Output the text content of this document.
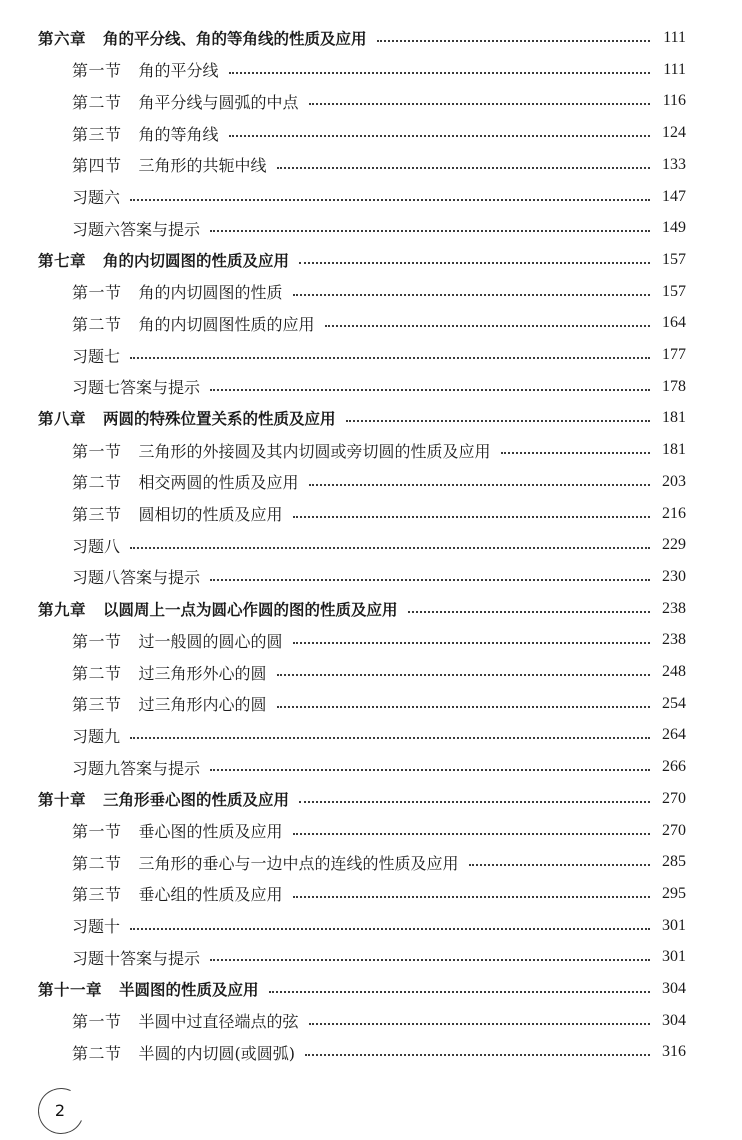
第六章 角的平分线、角的等角线的性质及应用	111
第一节 角的平分线	111
第二节 角平分线与圆弧的中点	116
第三节 角的等角线	124
第四节 三角形的共轭中线	133
习题六	147
习题六答案与提示	149
第七章 角的内切圆图的性质及应用	157
第一节 角的内切圆图的性质	157
第二节 角的内切圆图性质的应用	164
习题七	177
习题七答案与提示	178
第八章 两圆的特殊位置关系的性质及应用	181
第一节 三角形的外接圆及其内切圆或旁切圆的性质及应用	181
第二节 相交两圆的性质及应用	203
第三节 圆相切的性质及应用	216
习题八	229
习题八答案与提示	230
第九章 以圆周上一点为圆心作圆的图的性质及应用	238
第一节 过一般圆的圆心的圆	238
第二节 过三角形外心的圆	248
第三节 过三角形内心的圆	254
习题九	264
习题九答案与提示	266
第十章 三角形垂心图的性质及应用	270
第一节 垂心图的性质及应用	270
第二节 三角形的垂心与一边中点的连线的性质及应用	285
第三节 垂心组的性质及应用	295
习题十	301
习题十答案与提示	301
第十一章 半圆图的性质及应用	304
第一节 半圆中过直径端点的弦	304
第二节 半圆的内切圆(或圆弧)	316
2
